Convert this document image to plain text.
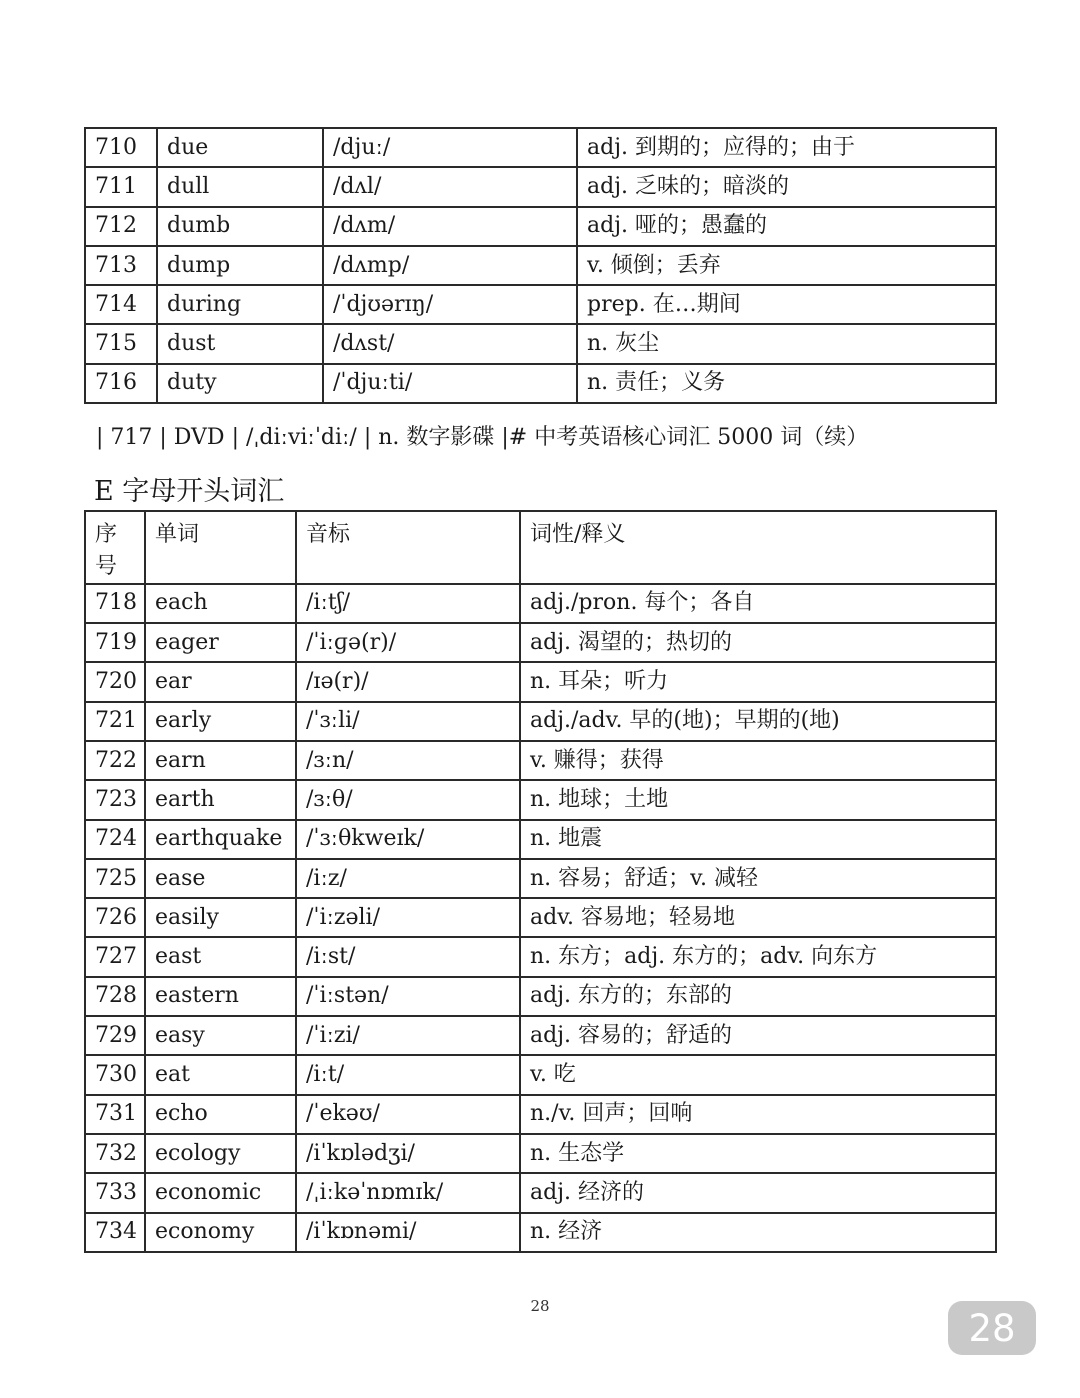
710	due	/djuː/	adj. 到期的；应得的；由于
711	dull	/dʌl/	adj. 乏味的；暗淡的
712	dumb	/dʌm/	adj. 哑的；愚蠢的
713	dump	/dʌmp/	v. 倾倒；丢弃
714	during	/ˈdjʊərɪŋ/	prep. 在…期间
715	dust	/dʌst/	n. 灰尘
716	duty	/ˈdjuːti/	n. 责任；义务
| 717 | DVD | /ˌdiːviːˈdiː/ | n. 数字影碟 |# 中考英语核心词汇 5000 词（续）
E 字母开头词汇
序
号	单词	音标	词性/释义
718	each	/iːtʃ/	adj./pron. 每个；各自
719	eager	/ˈiːɡə(r)/	adj. 渴望的；热切的
720	ear	/ɪə(r)/	n. 耳朵；听力
721	early	/ˈɜːli/	adj./adv. 早的(地)；早期的(地)
722	earn	/ɜːn/	v. 赚得；获得
723	earth	/ɜːθ/	n. 地球；土地
724	earthquake	/ˈɜːθkweɪk/	n. 地震
725	ease	/iːz/	n. 容易；舒适；v. 减轻
726	easily	/ˈiːzəli/	adv. 容易地；轻易地
727	east	/iːst/	n. 东方；adj. 东方的；adv. 向东方
728	eastern	/ˈiːstən/	adj. 东方的；东部的
729	easy	/ˈiːzi/	adj. 容易的；舒适的
730	eat	/iːt/	v. 吃
731	echo	/ˈekəʊ/	n./v. 回声；回响
732	ecology	/iˈkɒlədʒi/	n. 生态学
733	economic	/ˌiːkəˈnɒmɪk/	adj. 经济的
734	economy	/iˈkɒnəmi/	n. 经济
28
28
